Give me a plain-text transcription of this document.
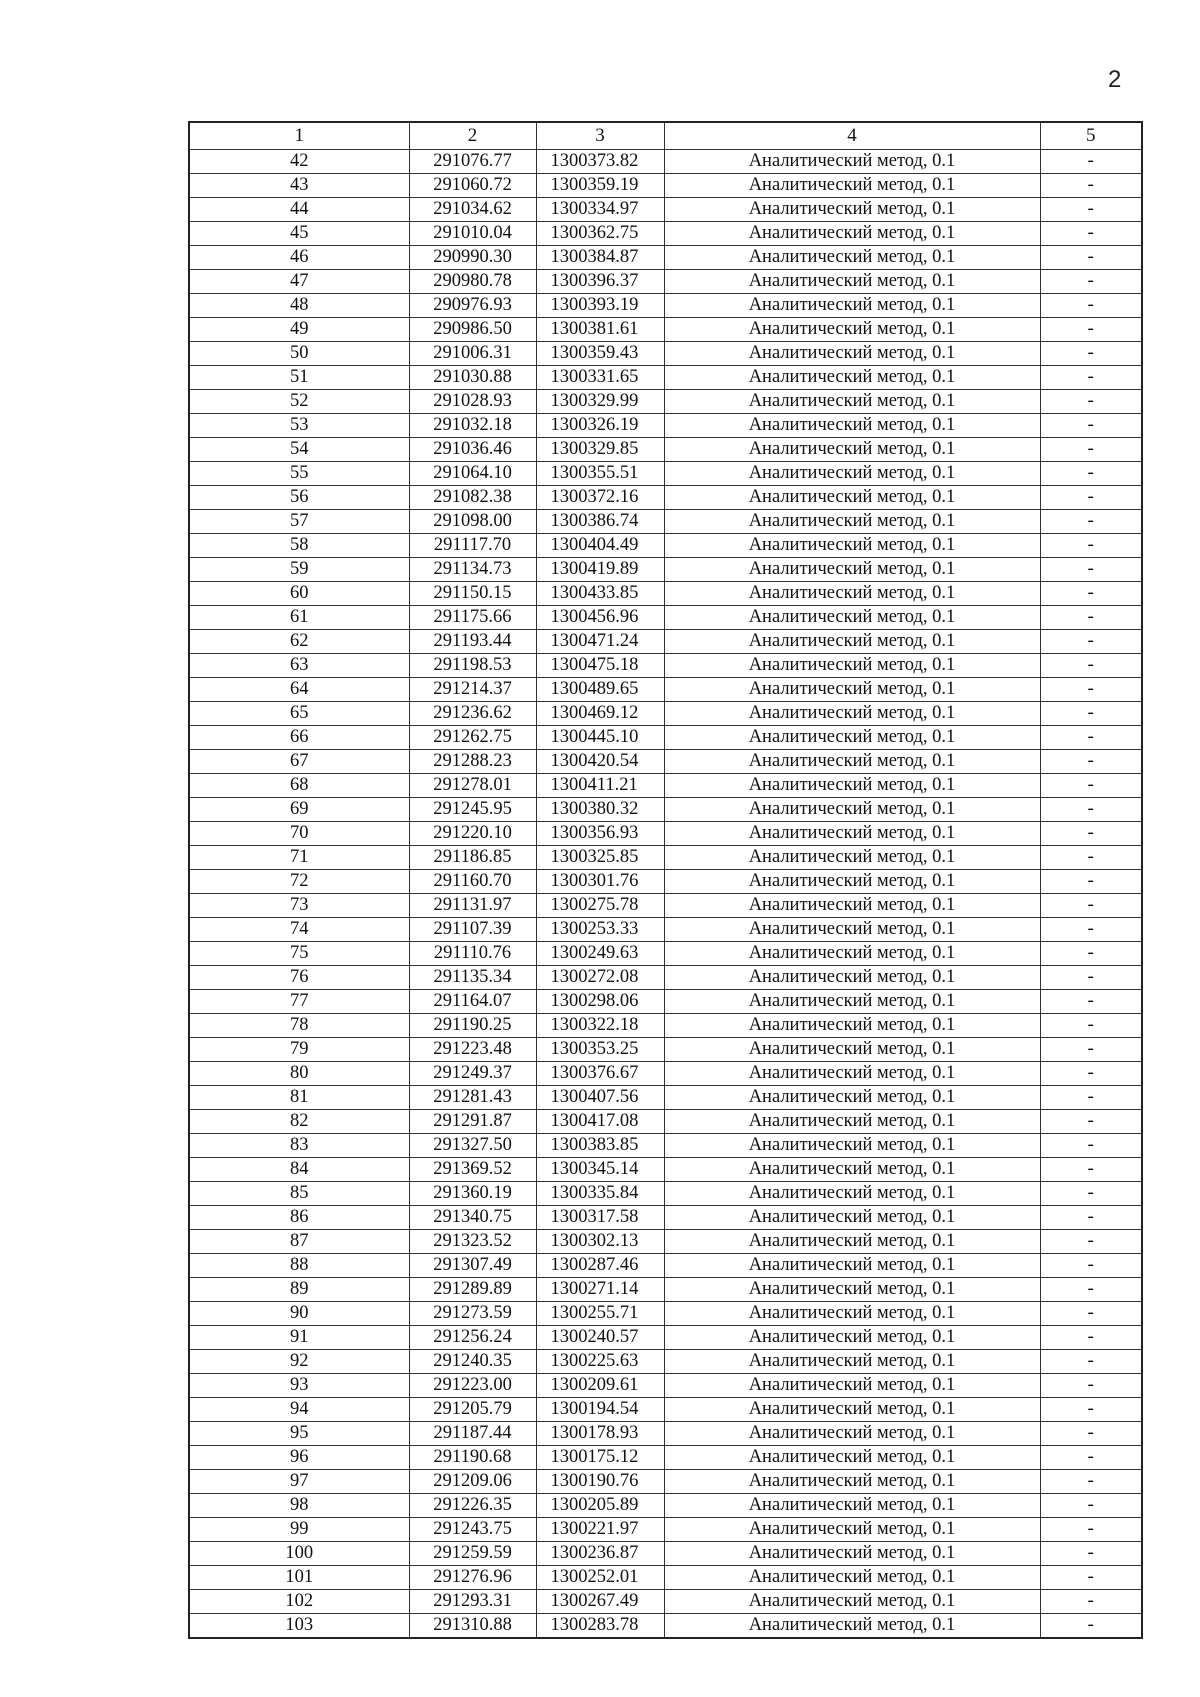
2
1	2	3	4	5
42	291076.77	1300373.82	Аналитический метод, 0.1	-
43	291060.72	1300359.19	Аналитический метод, 0.1	-
44	291034.62	1300334.97	Аналитический метод, 0.1	-
45	291010.04	1300362.75	Аналитический метод, 0.1	-
46	290990.30	1300384.87	Аналитический метод, 0.1	-
47	290980.78	1300396.37	Аналитический метод, 0.1	-
48	290976.93	1300393.19	Аналитический метод, 0.1	-
49	290986.50	1300381.61	Аналитический метод, 0.1	-
50	291006.31	1300359.43	Аналитический метод, 0.1	-
51	291030.88	1300331.65	Аналитический метод, 0.1	-
52	291028.93	1300329.99	Аналитический метод, 0.1	-
53	291032.18	1300326.19	Аналитический метод, 0.1	-
54	291036.46	1300329.85	Аналитический метод, 0.1	-
55	291064.10	1300355.51	Аналитический метод, 0.1	-
56	291082.38	1300372.16	Аналитический метод, 0.1	-
57	291098.00	1300386.74	Аналитический метод, 0.1	-
58	291117.70	1300404.49	Аналитический метод, 0.1	-
59	291134.73	1300419.89	Аналитический метод, 0.1	-
60	291150.15	1300433.85	Аналитический метод, 0.1	-
61	291175.66	1300456.96	Аналитический метод, 0.1	-
62	291193.44	1300471.24	Аналитический метод, 0.1	-
63	291198.53	1300475.18	Аналитический метод, 0.1	-
64	291214.37	1300489.65	Аналитический метод, 0.1	-
65	291236.62	1300469.12	Аналитический метод, 0.1	-
66	291262.75	1300445.10	Аналитический метод, 0.1	-
67	291288.23	1300420.54	Аналитический метод, 0.1	-
68	291278.01	1300411.21	Аналитический метод, 0.1	-
69	291245.95	1300380.32	Аналитический метод, 0.1	-
70	291220.10	1300356.93	Аналитический метод, 0.1	-
71	291186.85	1300325.85	Аналитический метод, 0.1	-
72	291160.70	1300301.76	Аналитический метод, 0.1	-
73	291131.97	1300275.78	Аналитический метод, 0.1	-
74	291107.39	1300253.33	Аналитический метод, 0.1	-
75	291110.76	1300249.63	Аналитический метод, 0.1	-
76	291135.34	1300272.08	Аналитический метод, 0.1	-
77	291164.07	1300298.06	Аналитический метод, 0.1	-
78	291190.25	1300322.18	Аналитический метод, 0.1	-
79	291223.48	1300353.25	Аналитический метод, 0.1	-
80	291249.37	1300376.67	Аналитический метод, 0.1	-
81	291281.43	1300407.56	Аналитический метод, 0.1	-
82	291291.87	1300417.08	Аналитический метод, 0.1	-
83	291327.50	1300383.85	Аналитический метод, 0.1	-
84	291369.52	1300345.14	Аналитический метод, 0.1	-
85	291360.19	1300335.84	Аналитический метод, 0.1	-
86	291340.75	1300317.58	Аналитический метод, 0.1	-
87	291323.52	1300302.13	Аналитический метод, 0.1	-
88	291307.49	1300287.46	Аналитический метод, 0.1	-
89	291289.89	1300271.14	Аналитический метод, 0.1	-
90	291273.59	1300255.71	Аналитический метод, 0.1	-
91	291256.24	1300240.57	Аналитический метод, 0.1	-
92	291240.35	1300225.63	Аналитический метод, 0.1	-
93	291223.00	1300209.61	Аналитический метод, 0.1	-
94	291205.79	1300194.54	Аналитический метод, 0.1	-
95	291187.44	1300178.93	Аналитический метод, 0.1	-
96	291190.68	1300175.12	Аналитический метод, 0.1	-
97	291209.06	1300190.76	Аналитический метод, 0.1	-
98	291226.35	1300205.89	Аналитический метод, 0.1	-
99	291243.75	1300221.97	Аналитический метод, 0.1	-
100	291259.59	1300236.87	Аналитический метод, 0.1	-
101	291276.96	1300252.01	Аналитический метод, 0.1	-
102	291293.31	1300267.49	Аналитический метод, 0.1	-
103	291310.88	1300283.78	Аналитический метод, 0.1	-
